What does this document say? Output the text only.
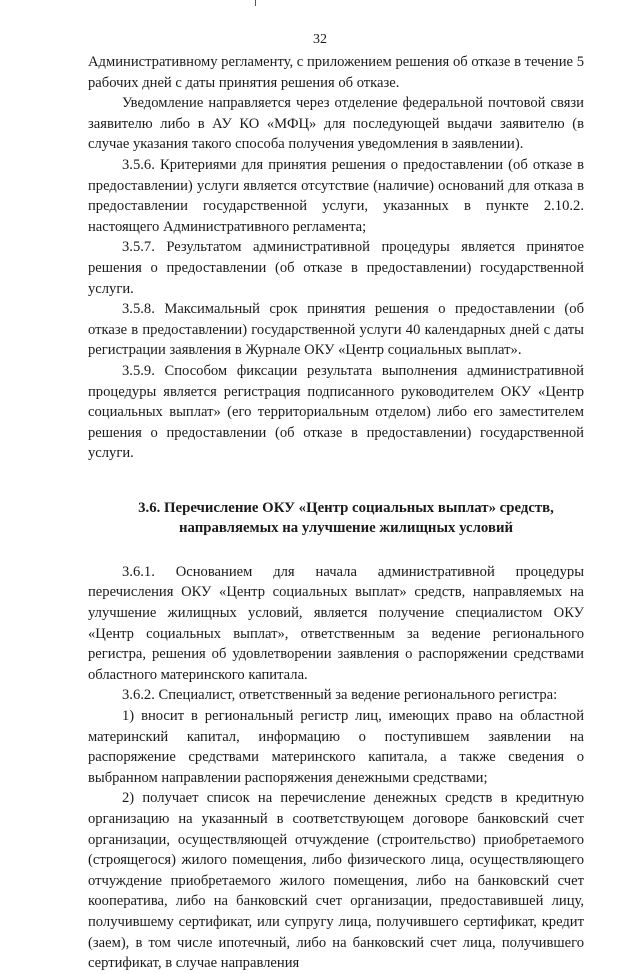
32

Административному регламенту, с приложением решения об отказе в течение 5 рабочих дней с даты принятия решения об отказе.

Уведомление направляется через отделение федеральной почтовой связи заявителю либо в АУ КО «МФЦ» для последующей выдачи заявителю (в случае указания такого способа получения уведомления в заявлении).

3.5.6. Критериями для принятия решения о предоставлении (об отказе в предоставлении) услуги является отсутствие (наличие) оснований для отказа в предоставлении государственной услуги, указанных в пункте 2.10.2. настоящего Административного регламента;

3.5.7. Результатом административной процедуры является принятое решения о предоставлении (об отказе в предоставлении) государственной услуги.

3.5.8. Максимальный срок принятия решения о предоставлении (об отказе в предоставлении) государственной услуги 40 календарных дней с даты регистрации заявления в Журнале ОКУ «Центр социальных выплат».

3.5.9. Способом фиксации результата выполнения административной процедуры является регистрация подписанного руководителем ОКУ «Центр социальных выплат» (его территориальным отделом) либо его заместителем решения о предоставлении (об отказе в предоставлении) государственной услуги.

3.6. Перечисление ОКУ «Центр социальных выплат» средств,
направляемых на улучшение жилищных условий

3.6.1. Основанием для начала административной процедуры перечисления ОКУ «Центр социальных выплат» средств, направляемых на улучшение жилищных условий, является получение специалистом ОКУ «Центр социальных выплат», ответственным за ведение регионального регистра, решения об удовлетворении заявления о распоряжении средствами областного материнского капитала.

3.6.2. Специалист, ответственный за ведение регионального регистра:

1) вносит в региональный регистр лиц, имеющих право на областной материнский капитал, информацию о поступившем заявлении на распоряжение средствами материнского капитала, а также сведения о выбранном направлении распоряжения денежными средствами;

2) получает список на перечисление денежных средств в кредитную организацию на указанный в соответствующем договоре банковский счет организации, осуществляющей отчуждение (строительство) приобретаемого (строящегося) жилого помещения, либо физического лица, осуществляющего отчуждение приобретаемого жилого помещения, либо на банковский счет кооператива, либо на банковский счет организации, предоставившей лицу, получившему сертификат, или супругу лица, получившего сертификат, кредит (заем), в том числе ипотечный, либо на банковский счет лица, получившего сертификат, в случае направления
